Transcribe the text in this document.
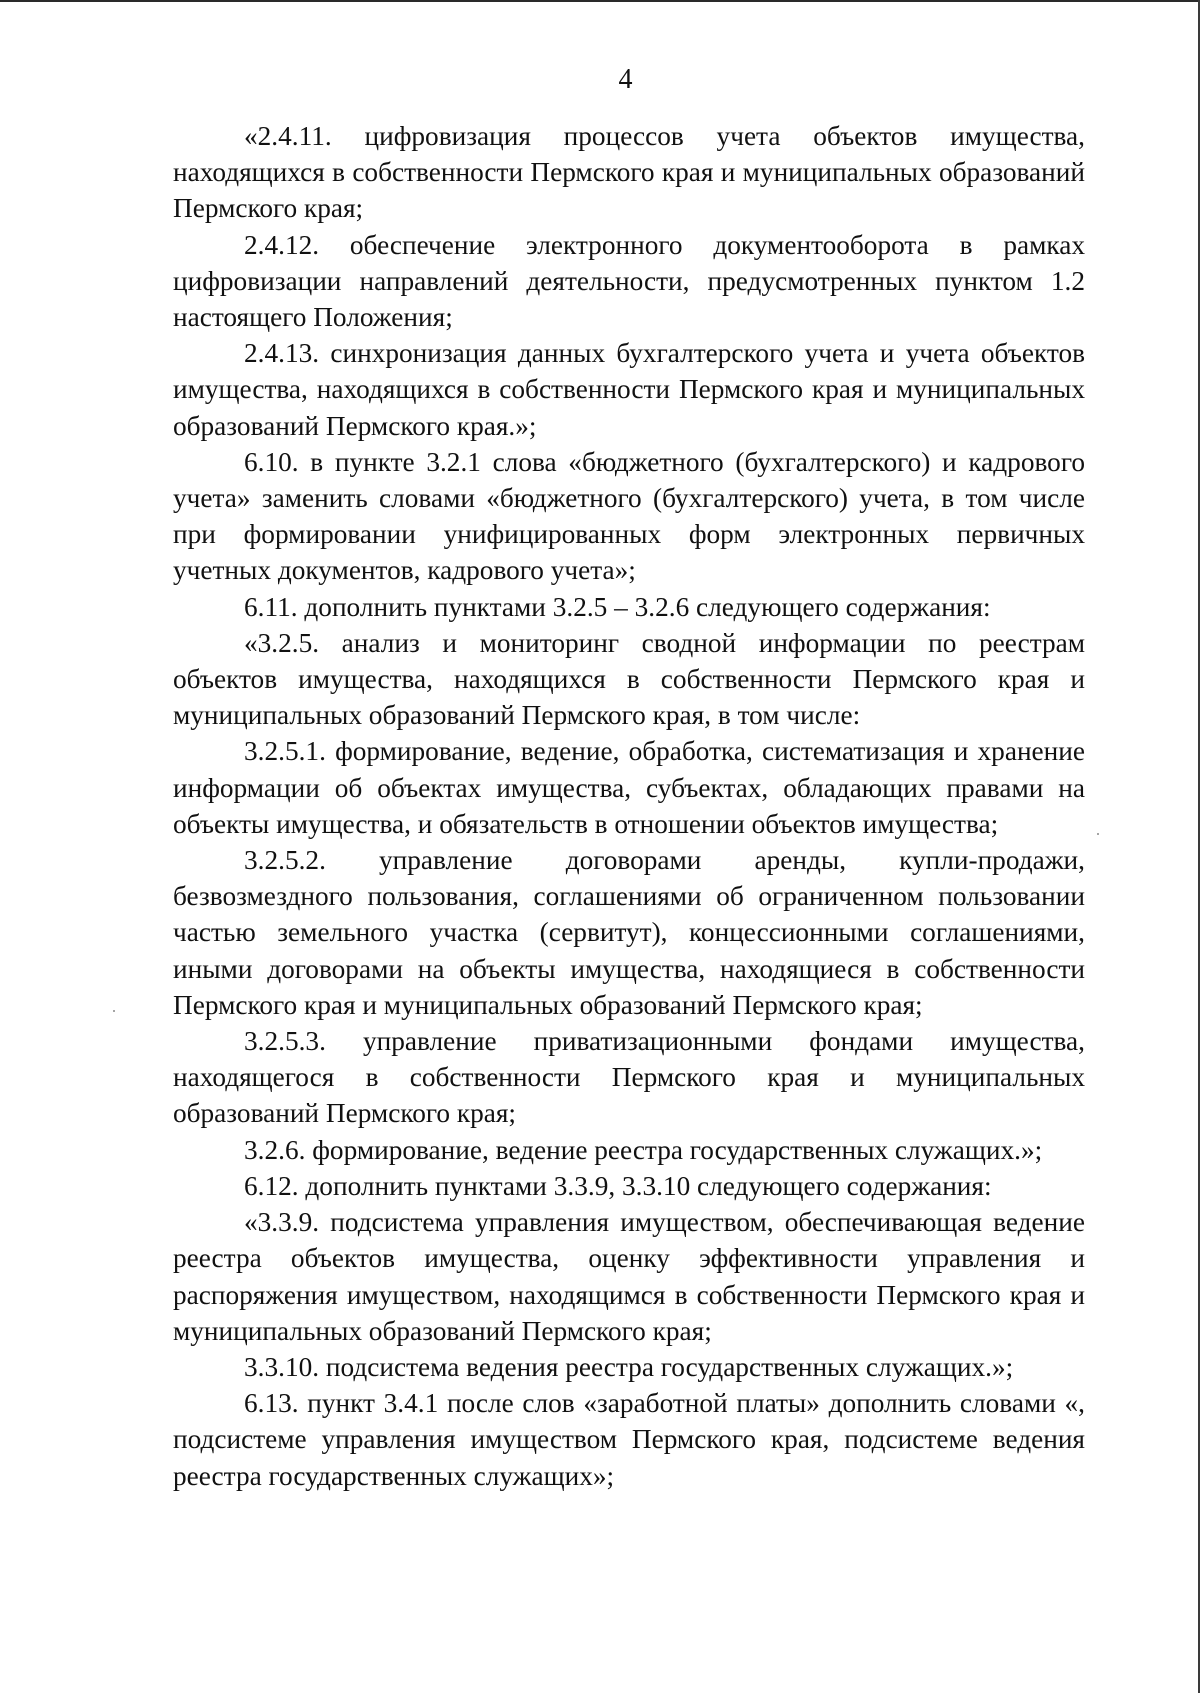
4

«2.4.11. цифровизация процессов учета объектов имущества, находящихся в собственности Пермского края и муниципальных образований Пермского края;

2.4.12. обеспечение электронного документооборота в рамках цифровизации направлений деятельности, предусмотренных пунктом 1.2 настоящего Положения;

2.4.13. синхронизация данных бухгалтерского учета и учета объектов имущества, находящихся в собственности Пермского края и муниципальных образований Пермского края.»;

6.10. в пункте 3.2.1 слова «бюджетного (бухгалтерского) и кадрового учета» заменить словами «бюджетного (бухгалтерского) учета, в том числе при формировании унифицированных форм электронных первичных учетных документов, кадрового учета»;

6.11. дополнить пунктами 3.2.5 – 3.2.6 следующего содержания:

«3.2.5. анализ и мониторинг сводной информации по реестрам объектов имущества, находящихся в собственности Пермского края и муниципальных образований Пермского края, в том числе:

3.2.5.1. формирование, ведение, обработка, систематизация и хранение информации об объектах имущества, субъектах, обладающих правами на объекты имущества, и обязательств в отношении объектов имущества;

3.2.5.2. управление договорами аренды, купли-продажи, безвозмездного пользования, соглашениями об ограниченном пользовании частью земельного участка (сервитут), концессионными соглашениями, иными договорами на объекты имущества, находящиеся в собственности Пермского края и муниципальных образований Пермского края;

3.2.5.3. управление приватизационными фондами имущества, находящегося в собственности Пермского края и муниципальных образований Пермского края;

3.2.6. формирование, ведение реестра государственных служащих.»;

6.12. дополнить пунктами 3.3.9, 3.3.10 следующего содержания:

«3.3.9. подсистема управления имуществом, обеспечивающая ведение реестра объектов имущества, оценку эффективности управления и распоряжения имуществом, находящимся в собственности Пермского края и муниципальных образований Пермского края;

3.3.10. подсистема ведения реестра государственных служащих.»;

6.13. пункт 3.4.1 после слов «заработной платы» дополнить словами «, подсистеме управления имуществом Пермского края, подсистеме ведения реестра государственных служащих»;
